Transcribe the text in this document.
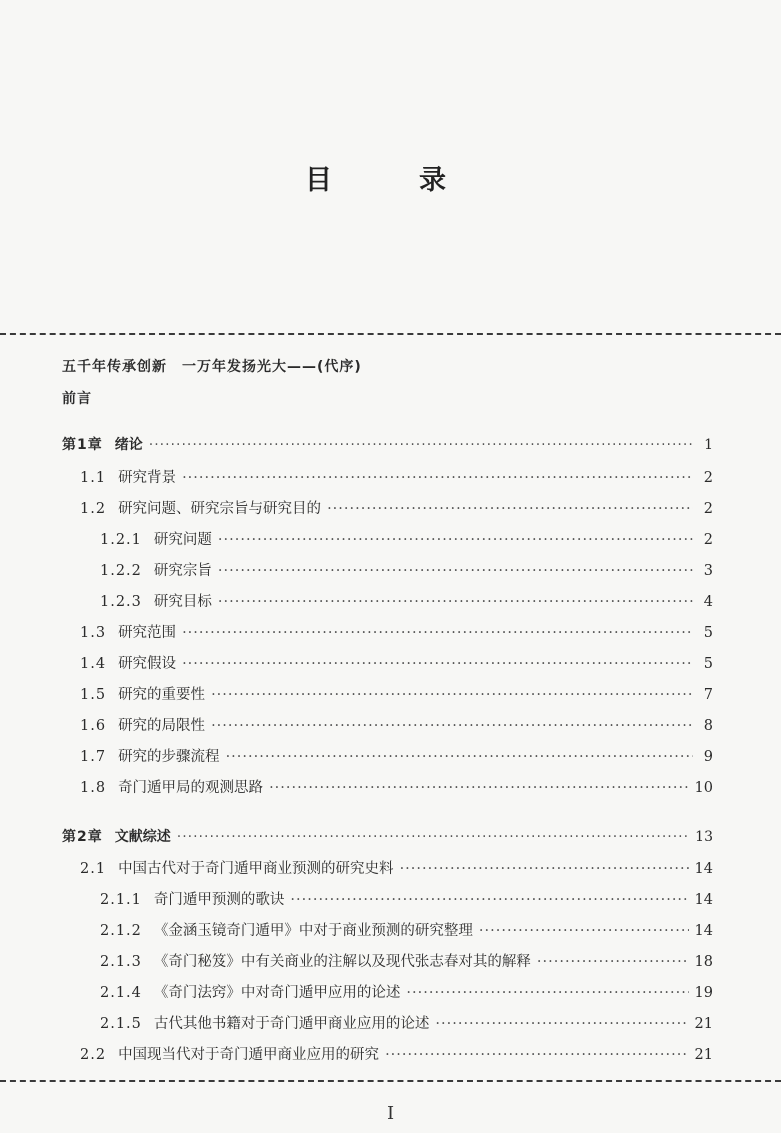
目　录
五千年传承创新　一万年发扬光大——(代序)
前言
第1章 绪论 ·····	1
1.1 研究背景 ·····	2
1.2 研究问题、研究宗旨与研究目的 ·····	2
1.2.1 研究问题 ·····	2
1.2.2 研究宗旨 ·····	3
1.2.3 研究目标 ·····	4
1.3 研究范围 ·····	5
1.4 研究假设 ·····	5
1.5 研究的重要性 ·····	7
1.6 研究的局限性 ·····	8
1.7 研究的步骤流程 ·····	9
1.8 奇门遁甲局的观测思路 ·····	10
第2章 文献综述 ·····	13
2.1 中国古代对于奇门遁甲商业预测的研究史料 ·····	14
2.1.1 奇门遁甲预测的歌诀 ·····	14
2.1.2 《金涵玉镜奇门遁甲》中对于商业预测的研究整理 ·····	14
2.1.3 《奇门秘笈》中有关商业的注解以及现代张志春对其的解释 ·····	18
2.1.4 《奇门法窍》中对奇门遁甲应用的论述 ·····	19
2.1.5 古代其他书籍对于奇门遁甲商业应用的论述 ·····	21
2.2 中国现当代对于奇门遁甲商业应用的研究 ·····	21
I
